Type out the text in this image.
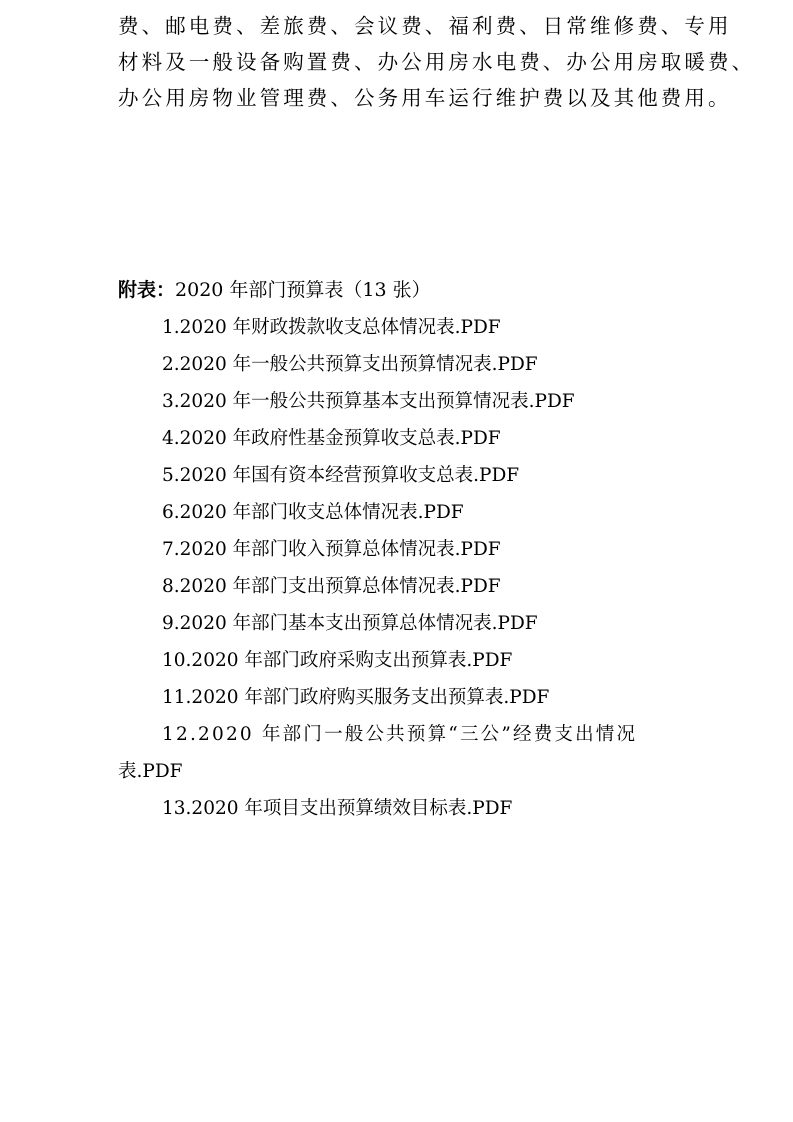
费、邮电费、差旅费、会议费、福利费、日常维修费、专用
材料及一般设备购置费、办公用房水电费、办公用房取暖费、
办公用房物业管理费、公务用车运行维护费以及其他费用。
附表：2020 年部门预算表（13 张）
1.2020 年财政拨款收支总体情况表.PDF
2.2020 年一般公共预算支出预算情况表.PDF
3.2020 年一般公共预算基本支出预算情况表.PDF
4.2020 年政府性基金预算收支总表.PDF
5.2020 年国有资本经营预算收支总表.PDF
6.2020 年部门收支总体情况表.PDF
7.2020 年部门收入预算总体情况表.PDF
8.2020 年部门支出预算总体情况表.PDF
9.2020 年部门基本支出预算总体情况表.PDF
10.2020 年部门政府采购支出预算表.PDF
11.2020 年部门政府购买服务支出预算表.PDF
12.2020 年部门一般公共预算“三公”经费支出情况
表.PDF
13.2020 年项目支出预算绩效目标表.PDF
